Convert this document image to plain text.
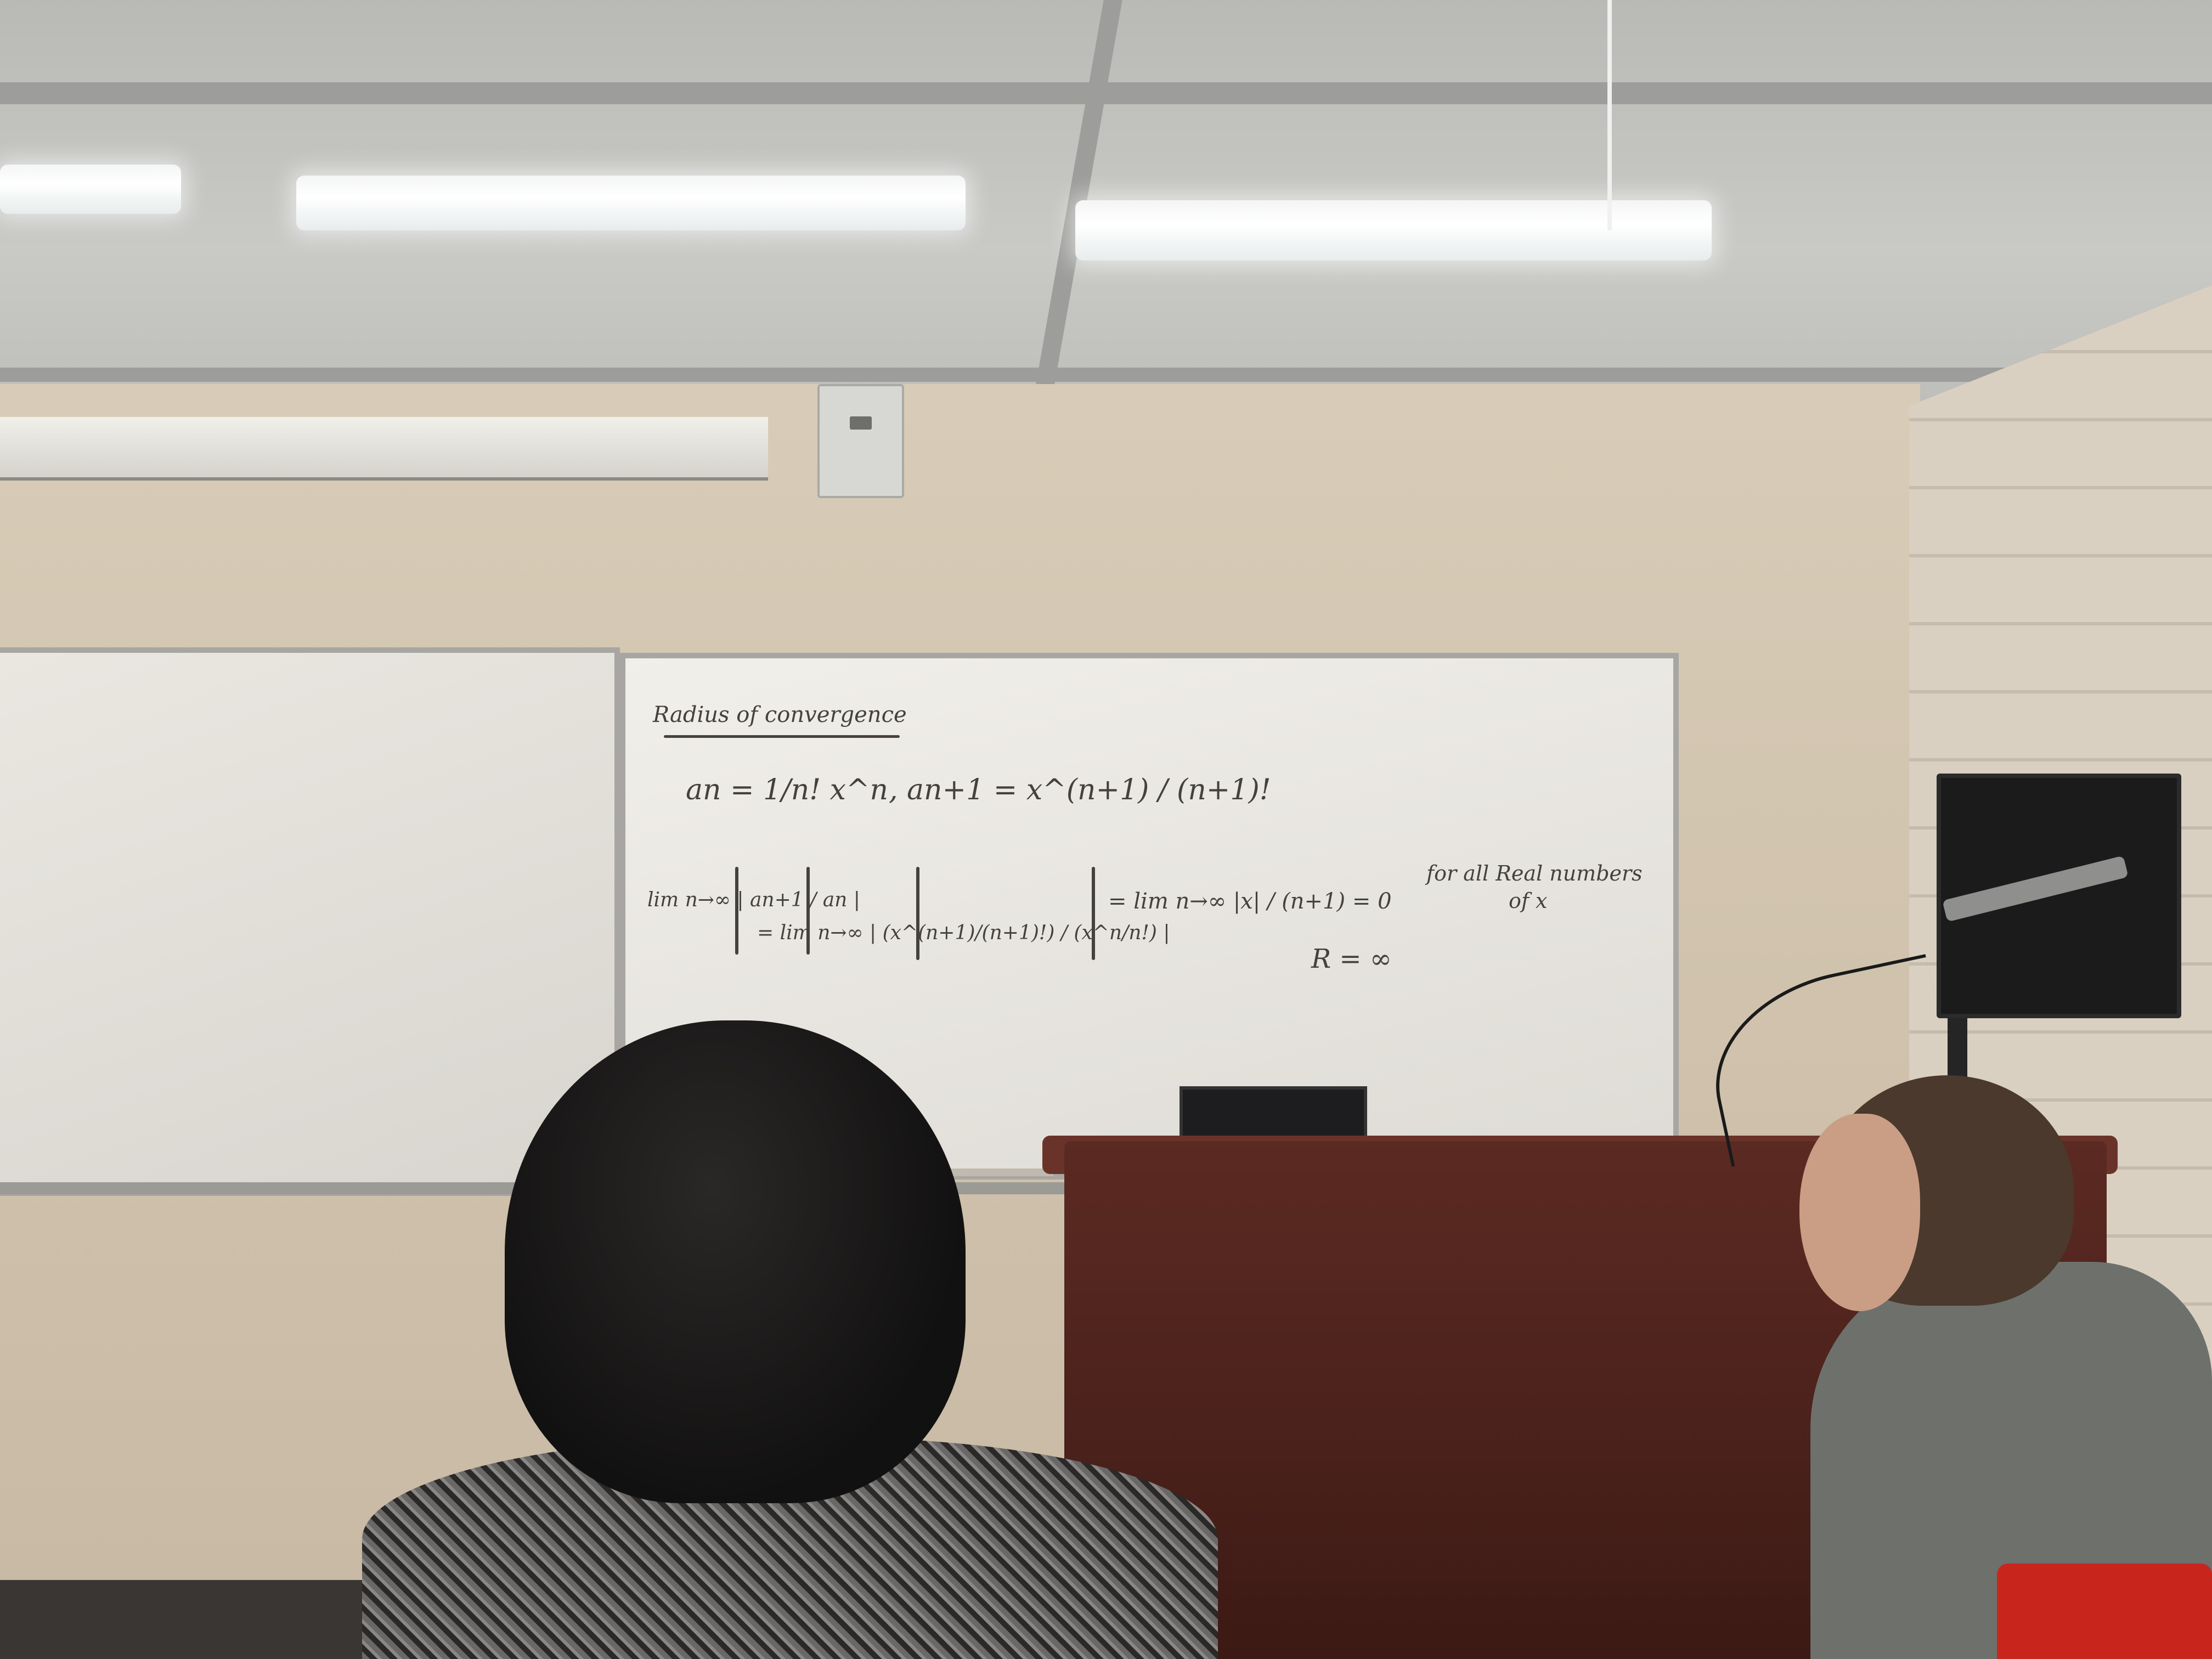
Radius of convergence
an = 1/n! x^n , an+1 = x^(n+1) / (n+1)!
lim n→∞ | an+1 / an |
= lim n→∞ | (x^(n+1)/(n+1)!) / (x^n/n!) |
= lim n→∞ |x| / (n+1) = 0
for all Real numbers
of x
R = ∞
